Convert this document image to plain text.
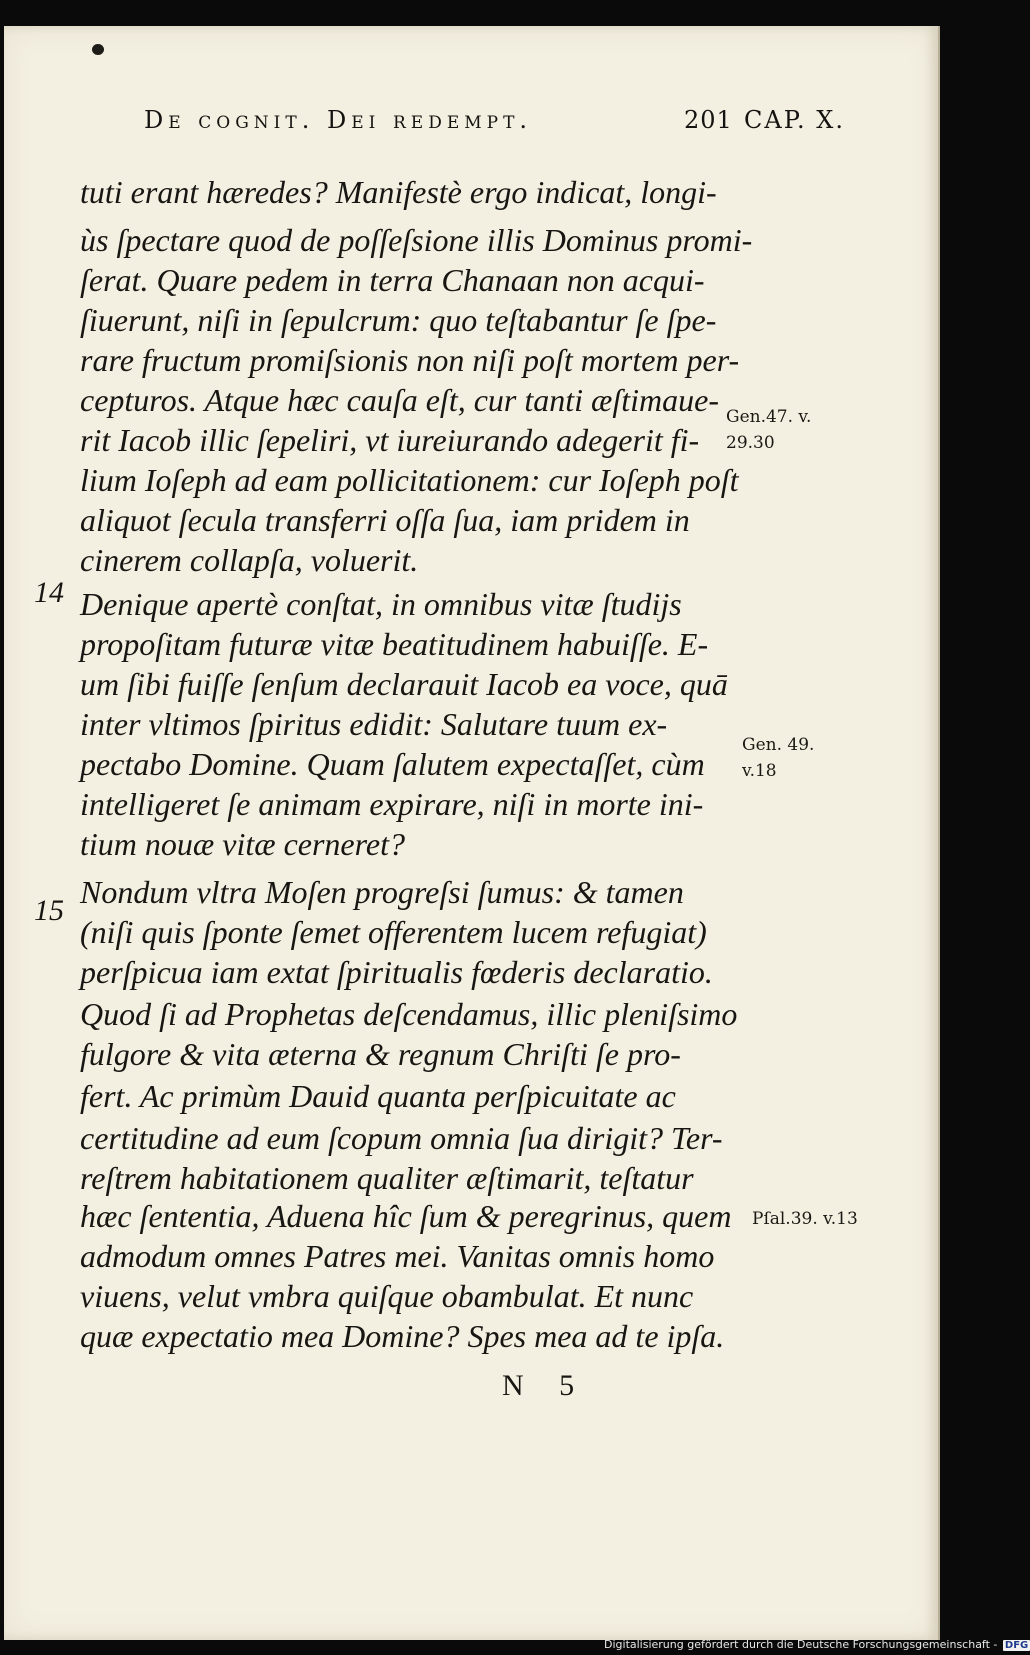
De cognit. Dei redempt.	201 CAP. X.
tuti erant hæredes? Manifestè ergo indicat, longi-
ùs ſpectare quod de poſſeſsione illis Dominus promi-
ſerat. Quare pedem in terra Chanaan non acqui-
ſiuerunt, niſi in ſepulcrum: quo teſtabantur ſe ſpe-
rare fructum promiſsionis non niſi poſt mortem per-
cepturos. Atque hæc cauſa eſt, cur tanti æſtimaue-
rit Iacob illic ſepeliri, vt iureiurando adegerit fi-
lium Ioſeph ad eam pollicitationem: cur Ioſeph poſt
aliquot ſecula transferri oſſa ſua, iam pridem in
cinerem collapſa, voluerit.
Denique apertè conſtat, in omnibus vitæ ſtudijs
propoſitam futuræ vitæ beatitudinem habuiſſe. E-
um ſibi fuiſſe ſenſum declarauit Iacob ea voce, quā
inter vltimos ſpiritus edidit: Salutare tuum ex-
pectabo Domine. Quam ſalutem expectaſſet, cùm
intelligeret ſe animam expirare, niſi in morte ini-
tium nouæ vitæ cerneret?
Nondum vltra Moſen progreſsi ſumus: & tamen
(niſi quis ſponte ſemet offerentem lucem refugiat)
perſpicua iam extat ſpiritualis fœderis declaratio.
Quod ſi ad Prophetas deſcendamus, illic pleniſsimo
fulgore & vita æterna & regnum Chriſti ſe pro-
fert. Ac primùm Dauid quanta perſpicuitate ac
certitudine ad eum ſcopum omnia ſua dirigit? Ter-
reſtrem habitationem qualiter æſtimarit, teſtatur
hæc ſententia, Aduena hîc ſum & peregrinus, quem
admodum omnes Patres mei. Vanitas omnis homo
viuens, velut vmbra quiſque obambulat. Et nunc
quæ expectatio mea Domine? Spes mea ad te ipſa.
14
15
Gen.47. v.
29.30
Gen. 49.
v.18
Pſal.39. v.13
N 5
Digitalisierung gefördert durch die Deutsche Forschungsgemeinschaft - DFG
